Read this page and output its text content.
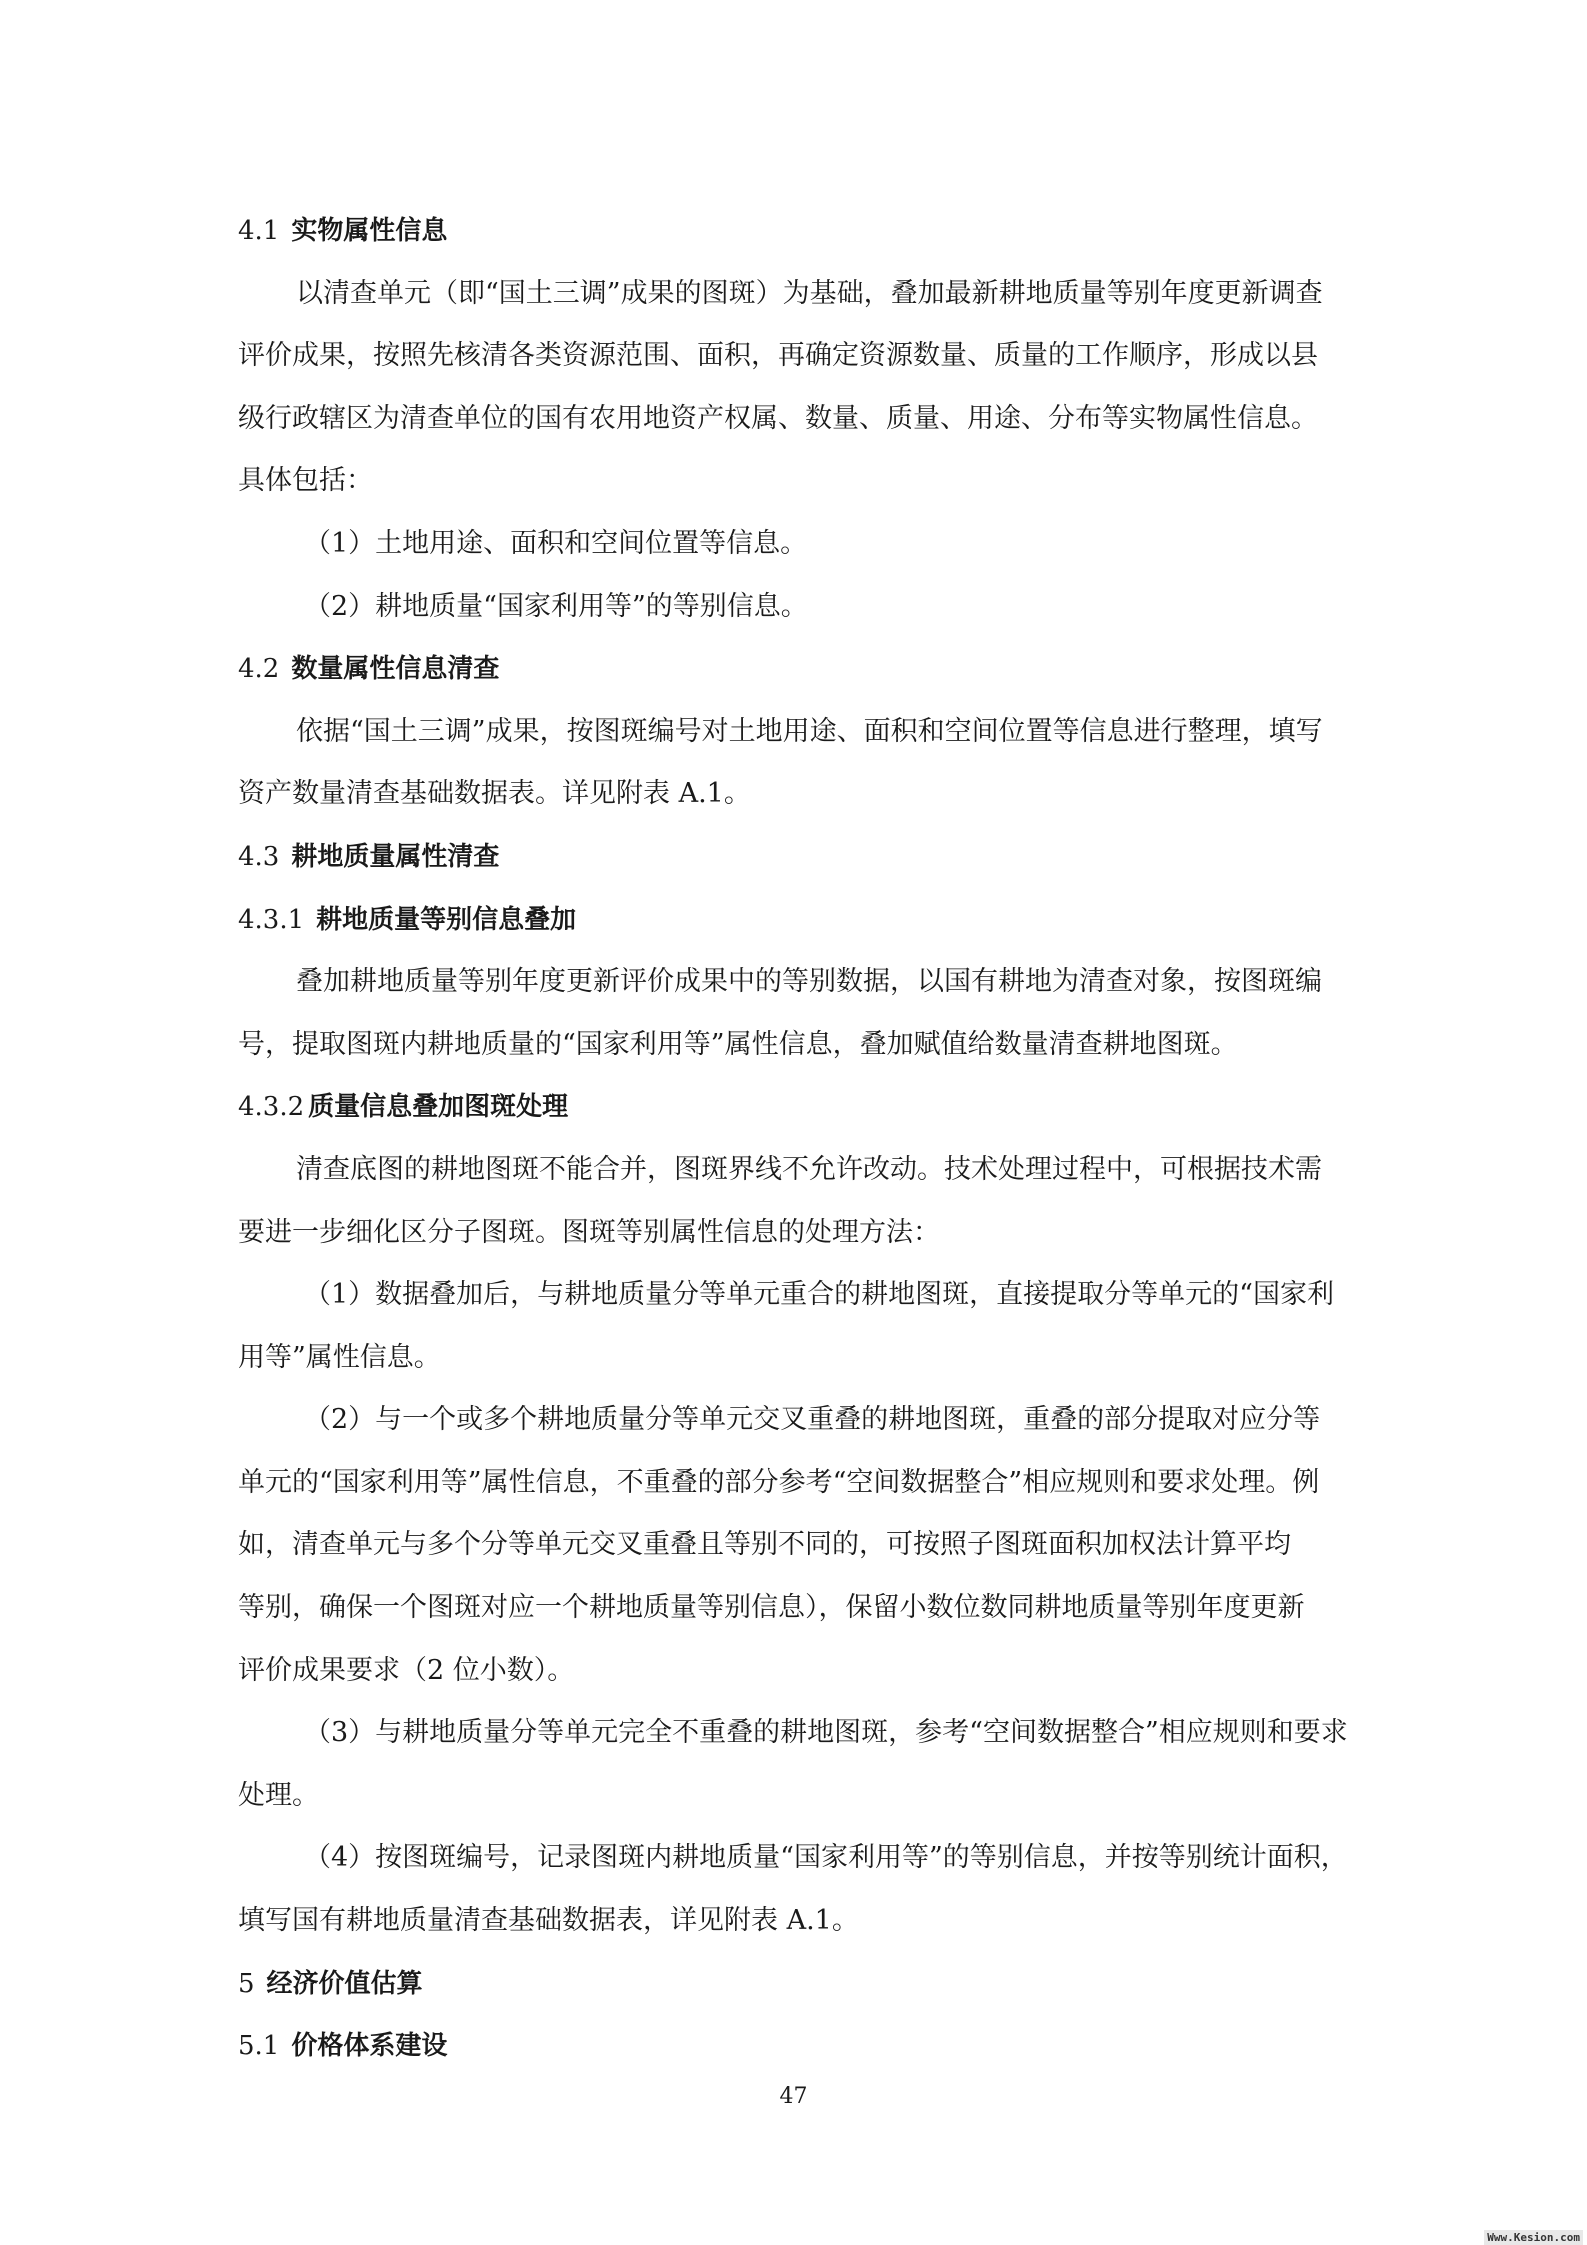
4.1 实物属性信息
以清查单元（即“国土三调”成果的图斑）为基础，叠加最新耕地质量等别年度更新调查
评价成果，按照先核清各类资源范围、面积，再确定资源数量、质量的工作顺序，形成以县
级行政辖区为清查单位的国有农用地资产权属、数量、质量、用途、分布等实物属性信息。
具体包括：
（1）土地用途、面积和空间位置等信息。
（2）耕地质量“国家利用等”的等别信息。
4.2 数量属性信息清查
依据“国土三调”成果，按图斑编号对土地用途、面积和空间位置等信息进行整理，填写
资产数量清查基础数据表。详见附表 A.1。
4.3 耕地质量属性清查
4.3.1 耕地质量等别信息叠加
叠加耕地质量等别年度更新评价成果中的等别数据，以国有耕地为清查对象，按图斑编
号，提取图斑内耕地质量的“国家利用等”属性信息，叠加赋值给数量清查耕地图斑。
4.3.2 质量信息叠加图斑处理
清查底图的耕地图斑不能合并，图斑界线不允许改动。技术处理过程中，可根据技术需
要进一步细化区分子图斑。图斑等别属性信息的处理方法：
（1）数据叠加后，与耕地质量分等单元重合的耕地图斑，直接提取分等单元的“国家利
用等”属性信息。
（2）与一个或多个耕地质量分等单元交叉重叠的耕地图斑，重叠的部分提取对应分等
单元的“国家利用等”属性信息，不重叠的部分参考“空间数据整合”相应规则和要求处理。例
如，清查单元与多个分等单元交叉重叠且等别不同的，可按照子图斑面积加权法计算平均
等别，确保一个图斑对应一个耕地质量等别信息），保留小数位数同耕地质量等别年度更新
评价成果要求（2 位小数）。
（3）与耕地质量分等单元完全不重叠的耕地图斑，参考“空间数据整合”相应规则和要求
处理。
（4）按图斑编号，记录图斑内耕地质量“国家利用等”的等别信息，并按等别统计面积，
填写国有耕地质量清查基础数据表，详见附表 A.1。
5 经济价值估算
5.1 价格体系建设
47
Www.Kesion.com
